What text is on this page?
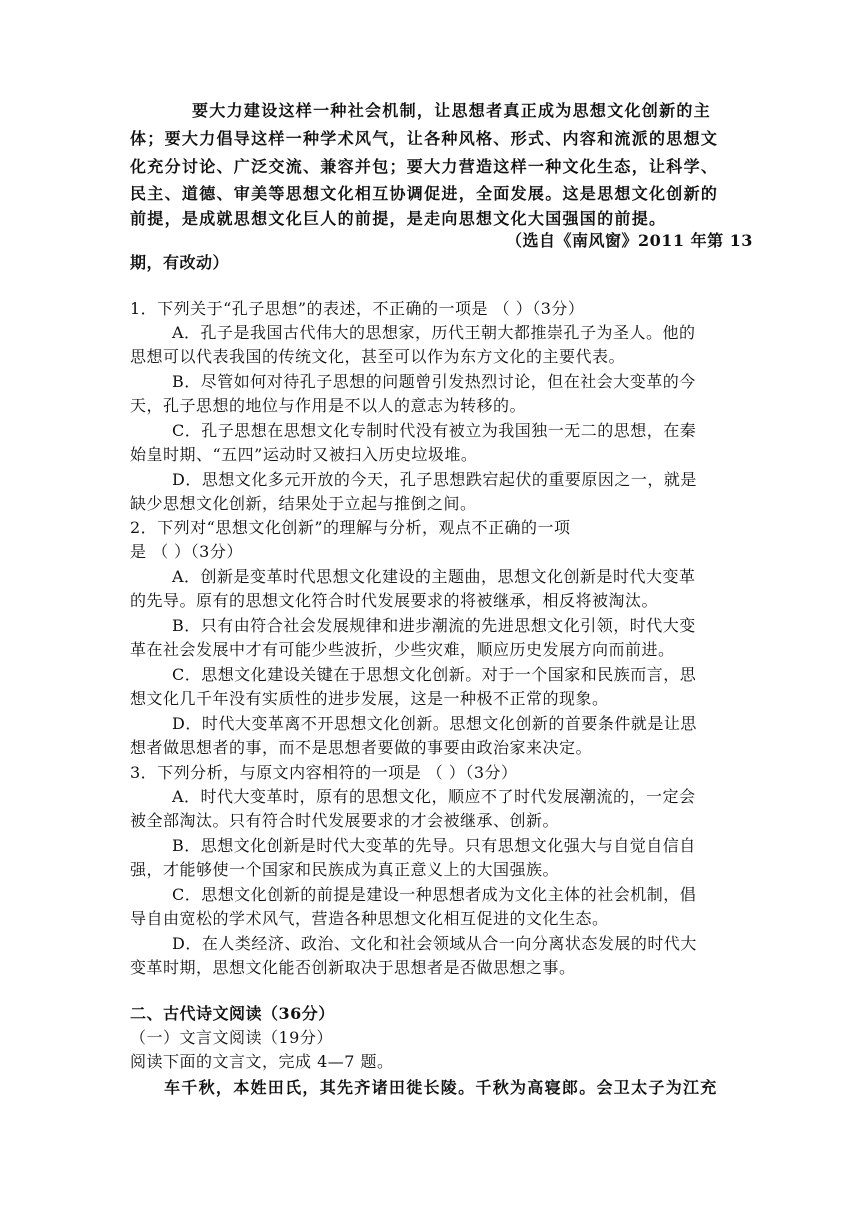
要大力建设这样一种社会机制，让思想者真正成为思想文化创新的主
体；要大力倡导这样一种学术风气，让各种风格、形式、内容和流派的思想文
化充分讨论、广泛交流、兼容并包；要大力营造这样一种文化生态，让科学、
民主、道德、审美等思想文化相互协调促进，全面发展。这是思想文化创新的
前提，是成就思想文化巨人的前提，是走向思想文化大国强国的前提。
（选自《南风窗》2011 年第 13
期，有改动）
1．下列关于“孔子思想”的表述，不正确的一项是 （ ）（3分）
A．孔子是我国古代伟大的思想家，历代王朝大都推崇孔子为圣人。他的
思想可以代表我国的传统文化，甚至可以作为东方文化的主要代表。
B．尽管如何对待孔子思想的问题曾引发热烈讨论，但在社会大变革的今
天，孔子思想的地位与作用是不以人的意志为转移的。
C．孔子思想在思想文化专制时代没有被立为我国独一无二的思想，在秦
始皇时期、“五四”运动时又被扫入历史垃圾堆。
D．思想文化多元开放的今天，孔子思想跌宕起伏的重要原因之一，就是
缺少思想文化创新，结果处于立起与推倒之间。
2．下列对“思想文化创新”的理解与分析，观点不正确的一项
是 （ ）（3分）
A．创新是变革时代思想文化建设的主题曲，思想文化创新是时代大变革
的先导。原有的思想文化符合时代发展要求的将被继承，相反将被淘汰。
B．只有由符合社会发展规律和进步潮流的先进思想文化引领，时代大变
革在社会发展中才有可能少些波折，少些灾难，顺应历史发展方向而前进。
C．思想文化建设关键在于思想文化创新。对于一个国家和民族而言，思
想文化几千年没有实质性的进步发展，这是一种极不正常的现象。
D．时代大变革离不开思想文化创新。思想文化创新的首要条件就是让思
想者做思想者的事，而不是思想者要做的事要由政治家来决定。
3．下列分析，与原文内容相符的一项是 （ ）（3分）
A．时代大变革时，原有的思想文化，顺应不了时代发展潮流的，一定会
被全部淘汰。只有符合时代发展要求的才会被继承、创新。
B．思想文化创新是时代大变革的先导。只有思想文化强大与自觉自信自
强，才能够使一个国家和民族成为真正意义上的大国强族。
C．思想文化创新的前提是建设一种思想者成为文化主体的社会机制，倡
导自由宽松的学术风气，营造各种思想文化相互促进的文化生态。
D．在人类经济、政治、文化和社会领域从合一向分离状态发展的时代大
变革时期，思想文化能否创新取决于思想者是否做思想之事。
二、古代诗文阅读（36分）
（一）文言文阅读（19分）
阅读下面的文言文，完成 4—7 题。
车千秋，本姓田氏，其先齐诸田徙长陵。千秋为高寝郎。会卫太子为江充
